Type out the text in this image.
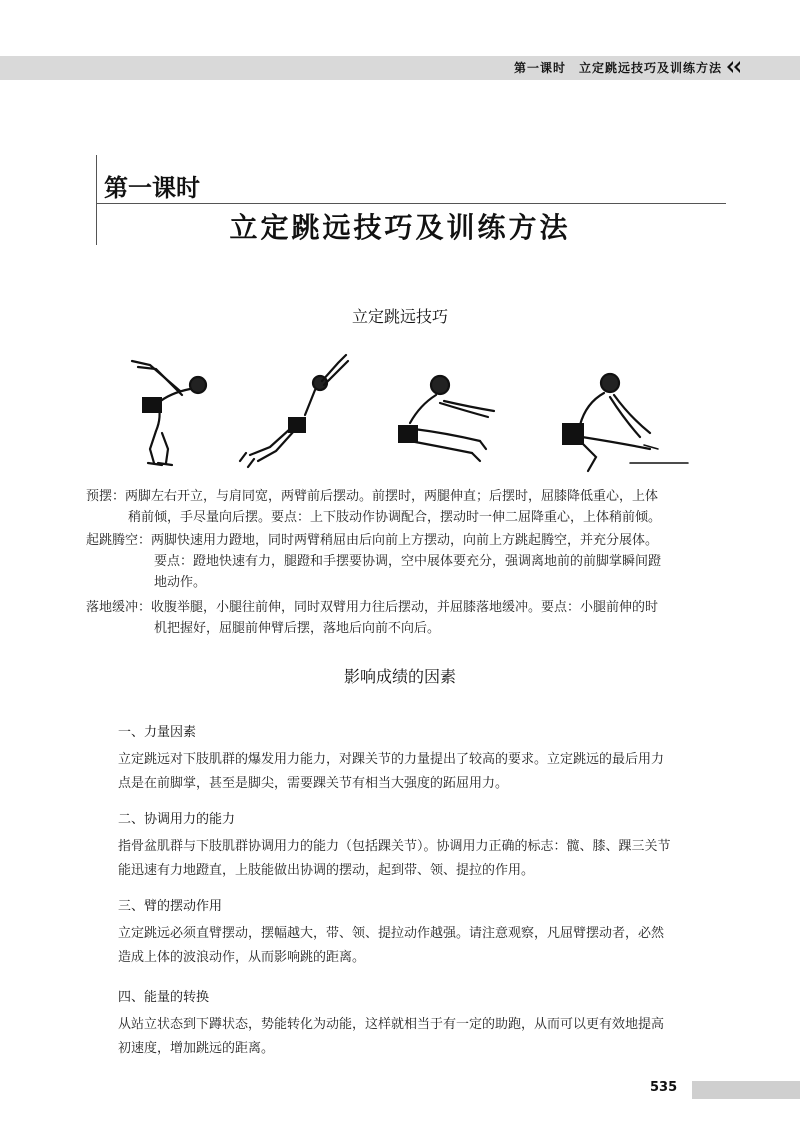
第一课时　立定跳远技巧及训练方法
第一课时
立定跳远技巧及训练方法
立定跳远技巧
预摆：两脚左右开立，与肩同宽，两臂前后摆动。前摆时，两腿伸直；后摆时，屈膝降低重心，上体
稍前倾，手尽量向后摆。要点：上下肢动作协调配合，摆动时一伸二屈降重心，上体稍前倾。
起跳腾空：两脚快速用力蹬地，同时两臂稍屈由后向前上方摆动，向前上方跳起腾空，并充分展体。
要点：蹬地快速有力，腿蹬和手摆要协调，空中展体要充分，强调离地前的前脚掌瞬间蹬
地动作。
落地缓冲：收腹举腿，小腿往前伸，同时双臂用力往后摆动，并屈膝落地缓冲。要点：小腿前伸的时
机把握好，屈腿前伸臂后摆，落地后向前不向后。
影响成绩的因素
一、力量因素
立定跳远对下肢肌群的爆发用力能力，对踝关节的力量提出了较高的要求。立定跳远的最后用力
点是在前脚掌，甚至是脚尖，需要踝关节有相当大强度的跖屈用力。
二、协调用力的能力
指骨盆肌群与下肢肌群协调用力的能力（包括踝关节）。协调用力正确的标志：髋、膝、踝三关节
能迅速有力地蹬直，上肢能做出协调的摆动，起到带、领、提拉的作用。
三、臂的摆动作用
立定跳远必须直臂摆动，摆幅越大，带、领、提拉动作越强。请注意观察，凡屈臂摆动者，必然
造成上体的波浪动作，从而影响跳的距离。
四、能量的转换
从站立状态到下蹲状态，势能转化为动能，这样就相当于有一定的助跑，从而可以更有效地提高
初速度，增加跳远的距离。
535
